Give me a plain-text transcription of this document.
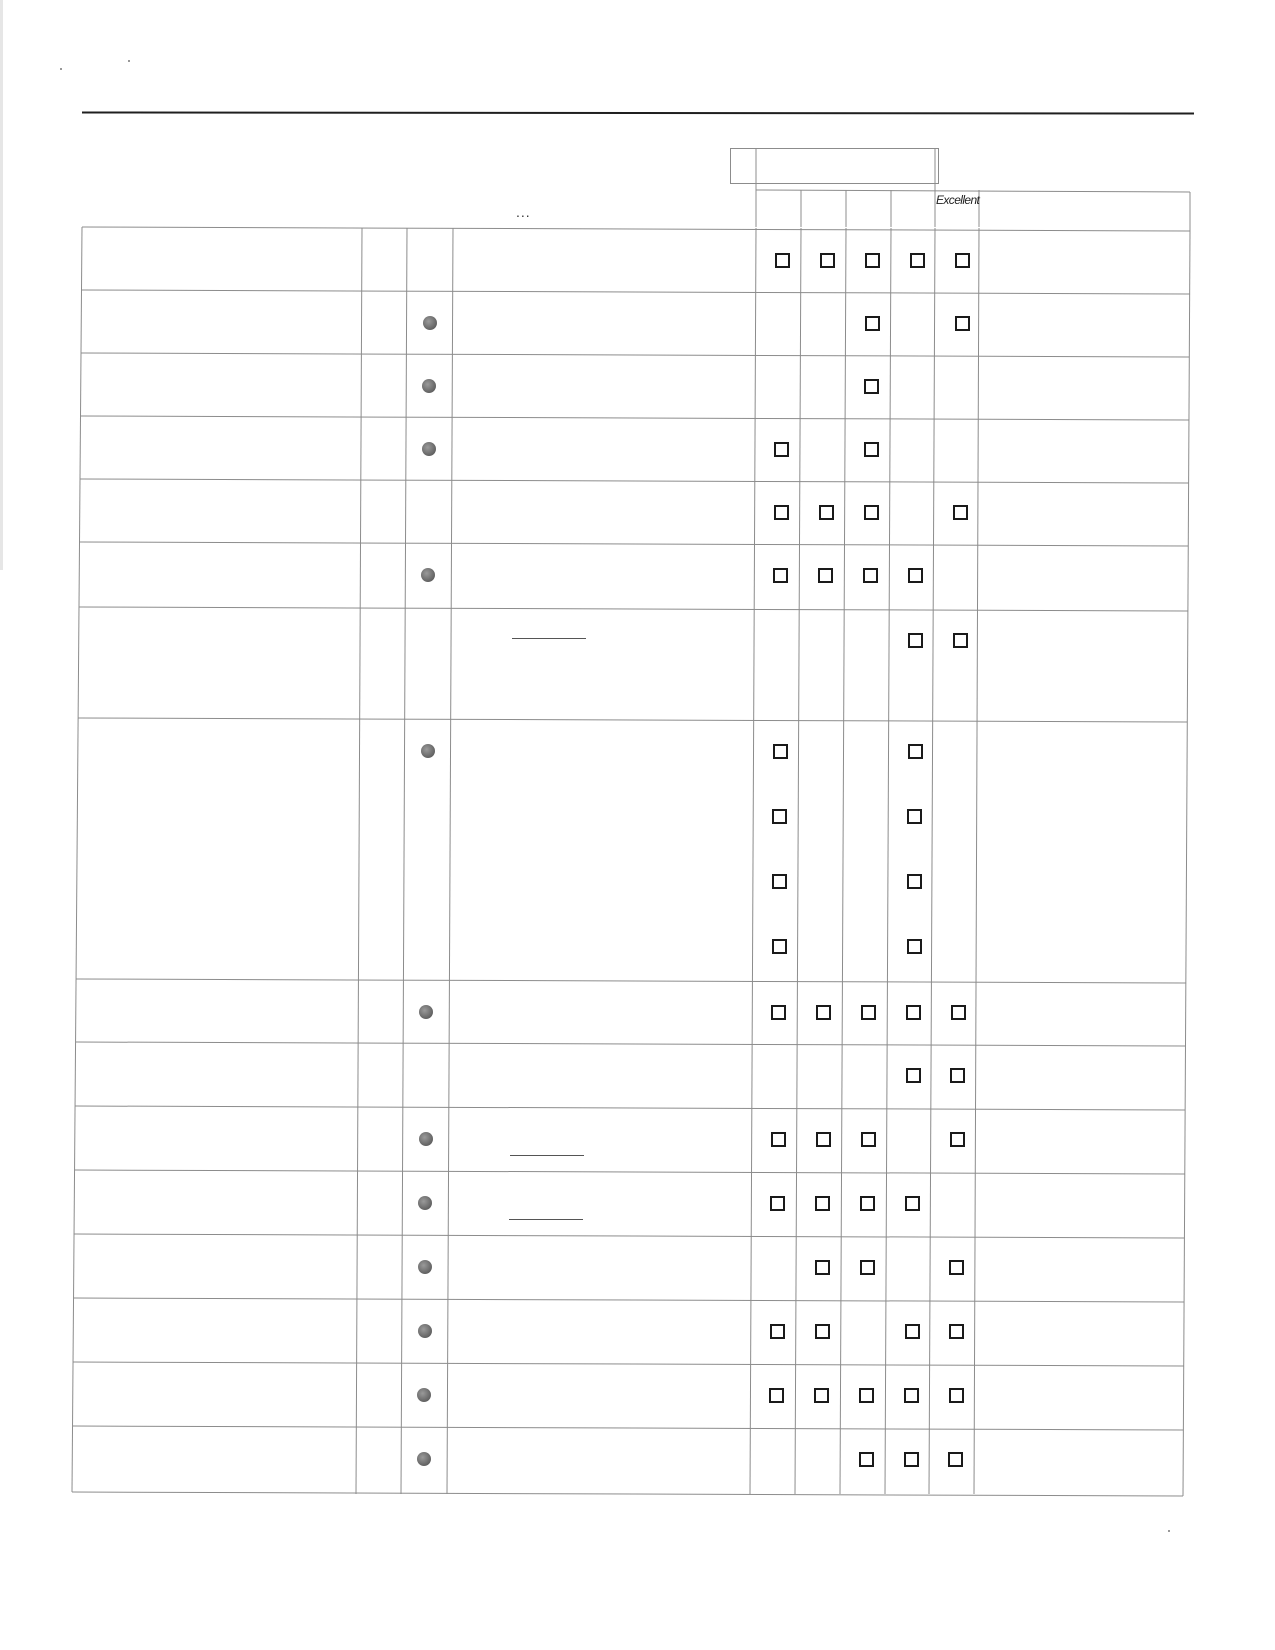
...
Excellent
